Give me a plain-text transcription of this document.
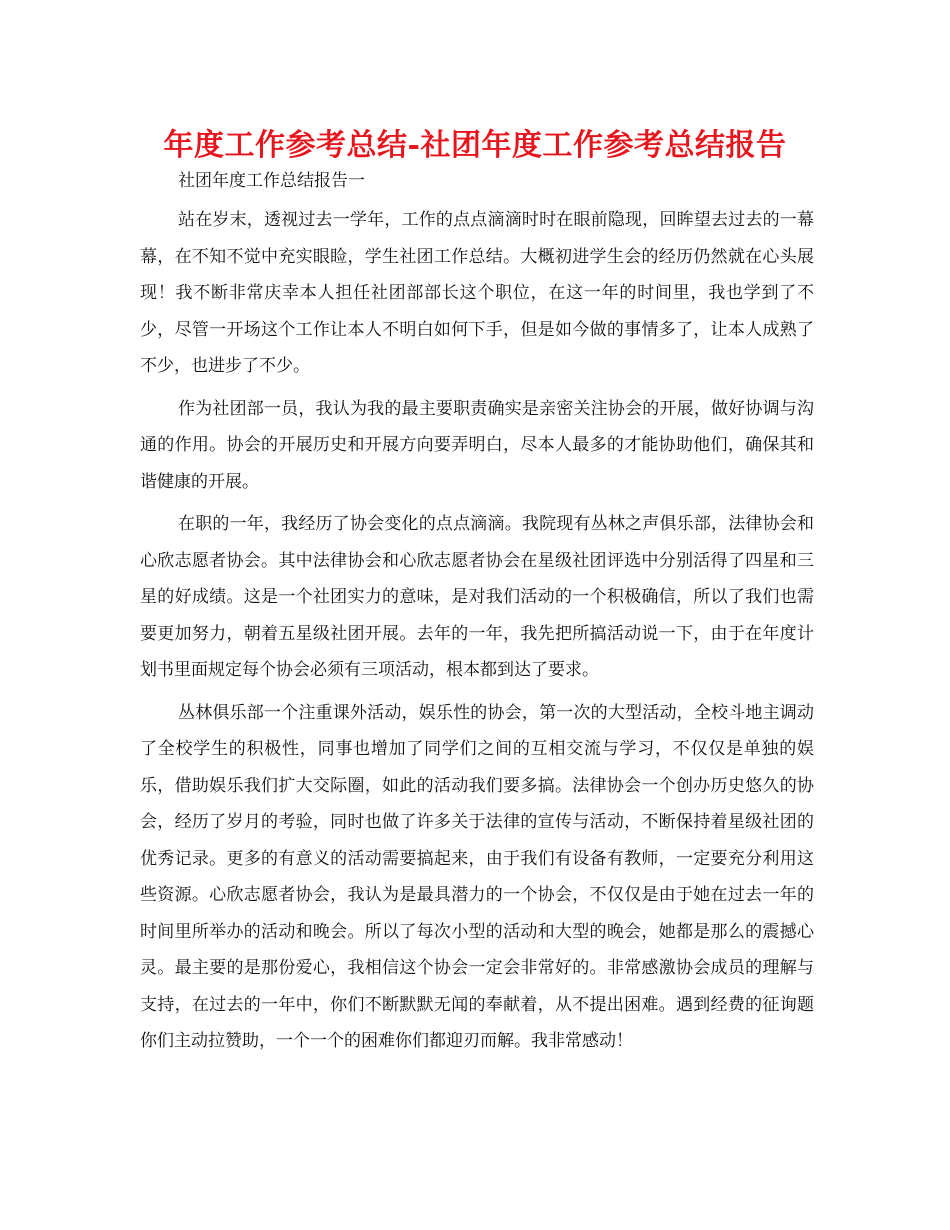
年度工作参考总结-社团年度工作参考总结报告

社团年度工作总结报告一

站在岁末，透视过去一学年，工作的点点滴滴时时在眼前隐现，回眸望去过去的一幕幕，在不知不觉中充实眼睑，学生社团工作总结。大概初进学生会的经历仍然就在心头展现！我不断非常庆幸本人担任社团部部长这个职位，在这一年的时间里，我也学到了不少，尽管一开场这个工作让本人不明白如何下手，但是如今做的事情多了，让本人成熟了不少，也进步了不少。

作为社团部一员，我认为我的最主要职责确实是亲密关注协会的开展，做好协调与沟通的作用。协会的开展历史和开展方向要弄明白，尽本人最多的才能协助他们，确保其和谐健康的开展。

在职的一年，我经历了协会变化的点点滴滴。我院现有丛林之声俱乐部，法律协会和心欣志愿者协会。其中法律协会和心欣志愿者协会在星级社团评选中分别活得了四星和三星的好成绩。这是一个社团实力的意味，是对我们活动的一个积极确信，所以了我们也需要更加努力，朝着五星级社团开展。去年的一年，我先把所搞活动说一下，由于在年度计划书里面规定每个协会必须有三项活动，根本都到达了要求。

丛林俱乐部一个注重课外活动，娱乐性的协会，第一次的大型活动，全校斗地主调动了全校学生的积极性，同事也增加了同学们之间的互相交流与学习，不仅仅是单独的娱乐，借助娱乐我们扩大交际圈，如此的活动我们要多搞。法律协会一个创办历史悠久的协会，经历了岁月的考验，同时也做了许多关于法律的宣传与活动，不断保持着星级社团的优秀记录。更多的有意义的活动需要搞起来，由于我们有设备有教师，一定要充分利用这些资源。心欣志愿者协会，我认为是最具潜力的一个协会，不仅仅是由于她在过去一年的时间里所举办的活动和晚会。所以了每次小型的活动和大型的晚会，她都是那么的震撼心灵。最主要的是那份爱心，我相信这个协会一定会非常好的。非常感激协会成员的理解与支持，在过去的一年中，你们不断默默无闻的奉献着，从不提出困难。遇到经费的征询题你们主动拉赞助，一个一个的困难你们都迎刃而解。我非常感动！
